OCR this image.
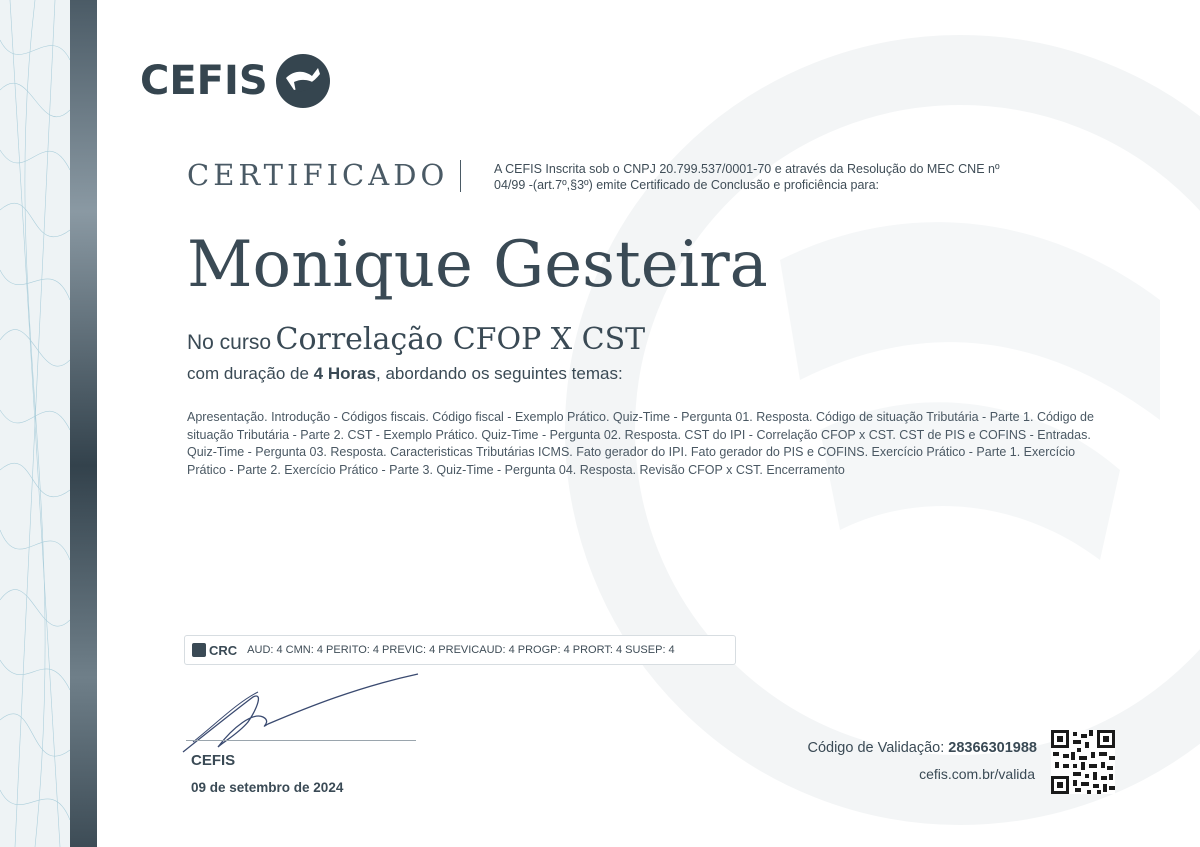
CEFIS
CERTIFICADO	A CEFIS Inscrita sob o CNPJ 20.799.537/0001-70 e através da Resolução do MEC CNE nº 04/99 -(art.7º,§3º) emite Certificado de Conclusão e proficiência para:
Monique Gesteira
No curso Correlação CFOP X CST
com duração de 4 Horas, abordando os seguintes temas:
Apresentação. Introdução - Códigos fiscais. Código fiscal - Exemplo Prático. Quiz-Time - Pergunta 01. Resposta. Código de situação Tributária - Parte 1. Código de situação Tributária - Parte 2. CST - Exemplo Prático. Quiz-Time - Pergunta 02. Resposta. CST do IPI - Correlação CFOP x CST. CST de PIS e COFINS - Entradas. Quiz-Time - Pergunta 03. Resposta. Caracteristicas Tributárias ICMS. Fato gerador do IPI. Fato gerador do PIS e COFINS. Exercício Prático - Parte 1. Exercício Prático - Parte 2. Exercício Prático - Parte 3. Quiz-Time - Pergunta 04. Resposta. Revisão CFOP x CST. Encerramento
CRC AUD: 4 CMN: 4 PERITO: 4 PREVIC: 4 PREVICAUD: 4 PROGP: 4 PRORT: 4 SUSEP: 4
CEFIS
09 de setembro de 2024
Código de Validação: 28366301988
cefis.com.br/valida
